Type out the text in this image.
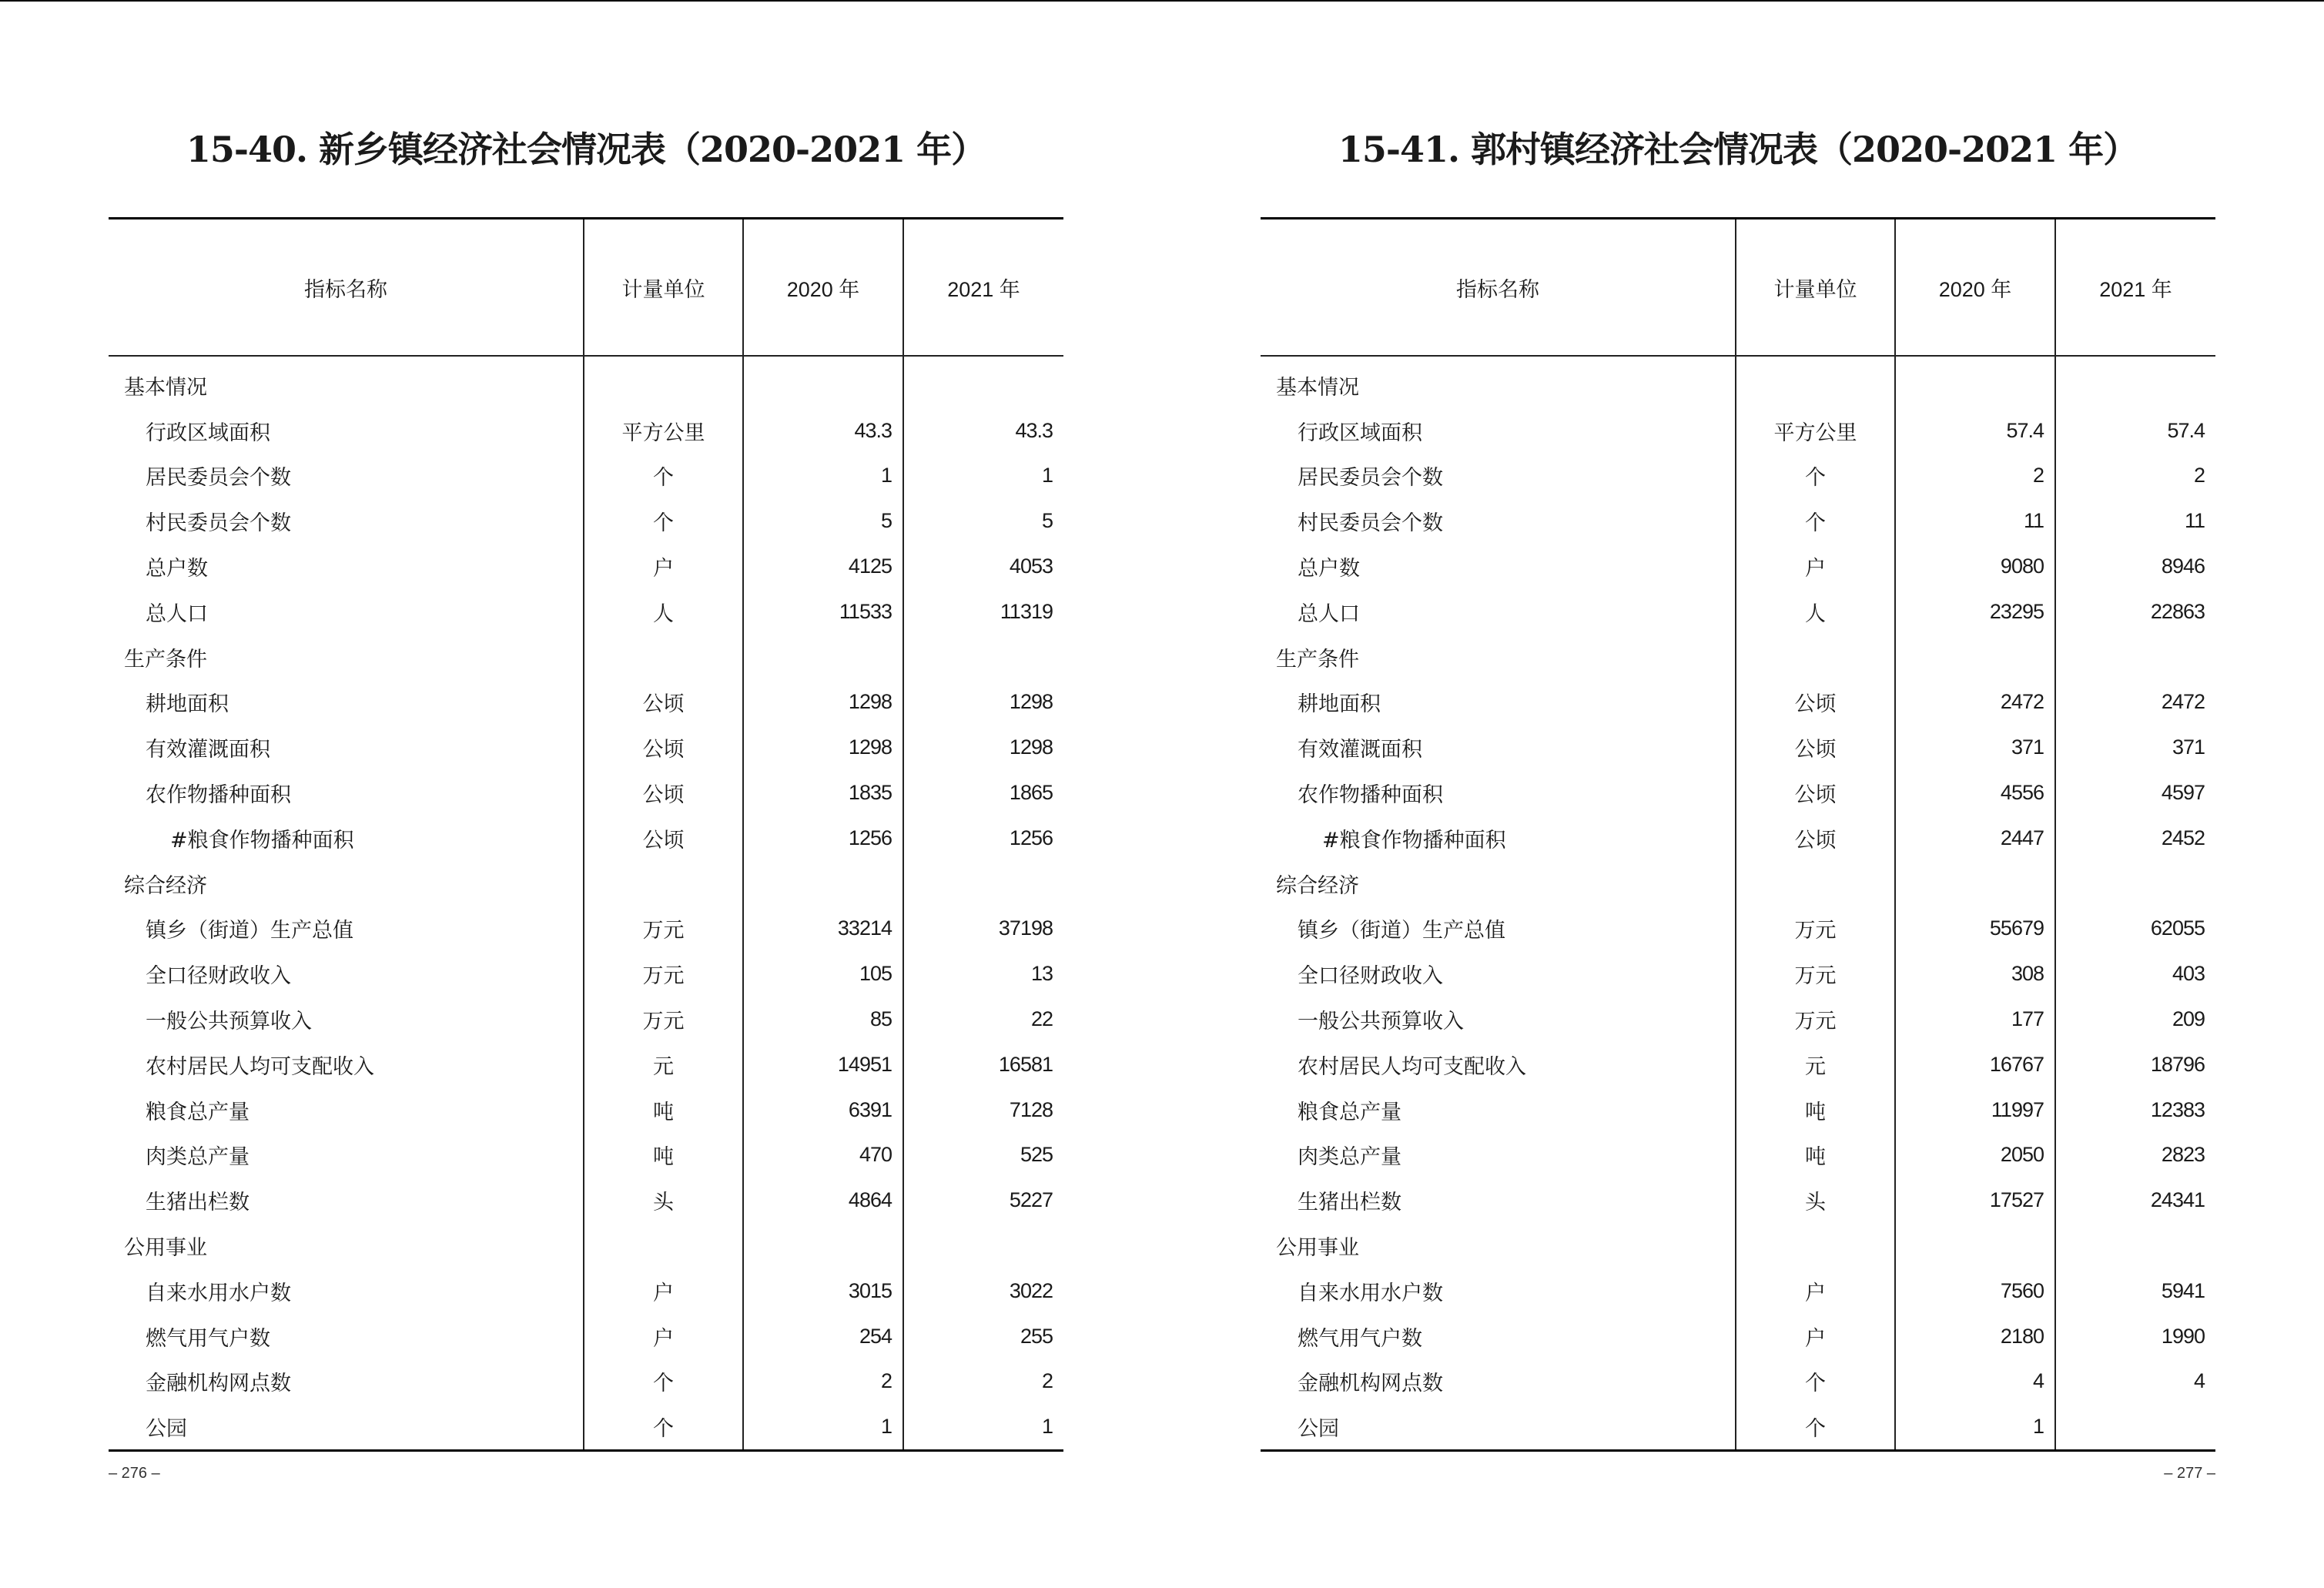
15-40. 新乡镇经济社会情况表（2020-2021 年）
指标名称	计量单位	2020 年	2021 年
基本情况			
行政区域面积	平方公里	43.3	43.3
居民委员会个数	个	1	1
村民委员会个数	个	5	5
总户数	户	4125	4053
总人口	人	11533	11319
生产条件			
耕地面积	公顷	1298	1298
有效灌溉面积	公顷	1298	1298
农作物播种面积	公顷	1835	1865
#粮食作物播种面积	公顷	1256	1256
综合经济			
镇乡（街道）生产总值	万元	33214	37198
全口径财政收入	万元	105	13
一般公共预算收入	万元	85	22
农村居民人均可支配收入	元	14951	16581
粮食总产量	吨	6391	7128
肉类总产量	吨	470	525
生猪出栏数	头	4864	5227
公用事业			
自来水用水户数	户	3015	3022
燃气用气户数	户	254	255
金融机构网点数	个	2	2
公园	个	1	1
– 276 –
15-41. 郭村镇经济社会情况表（2020-2021 年）
指标名称	计量单位	2020 年	2021 年
基本情况			
行政区域面积	平方公里	57.4	57.4
居民委员会个数	个	2	2
村民委员会个数	个	11	11
总户数	户	9080	8946
总人口	人	23295	22863
生产条件			
耕地面积	公顷	2472	2472
有效灌溉面积	公顷	371	371
农作物播种面积	公顷	4556	4597
#粮食作物播种面积	公顷	2447	2452
综合经济			
镇乡（街道）生产总值	万元	55679	62055
全口径财政收入	万元	308	403
一般公共预算收入	万元	177	209
农村居民人均可支配收入	元	16767	18796
粮食总产量	吨	11997	12383
肉类总产量	吨	2050	2823
生猪出栏数	头	17527	24341
公用事业			
自来水用水户数	户	7560	5941
燃气用气户数	户	2180	1990
金融机构网点数	个	4	4
公园	个	1	
– 277 –
